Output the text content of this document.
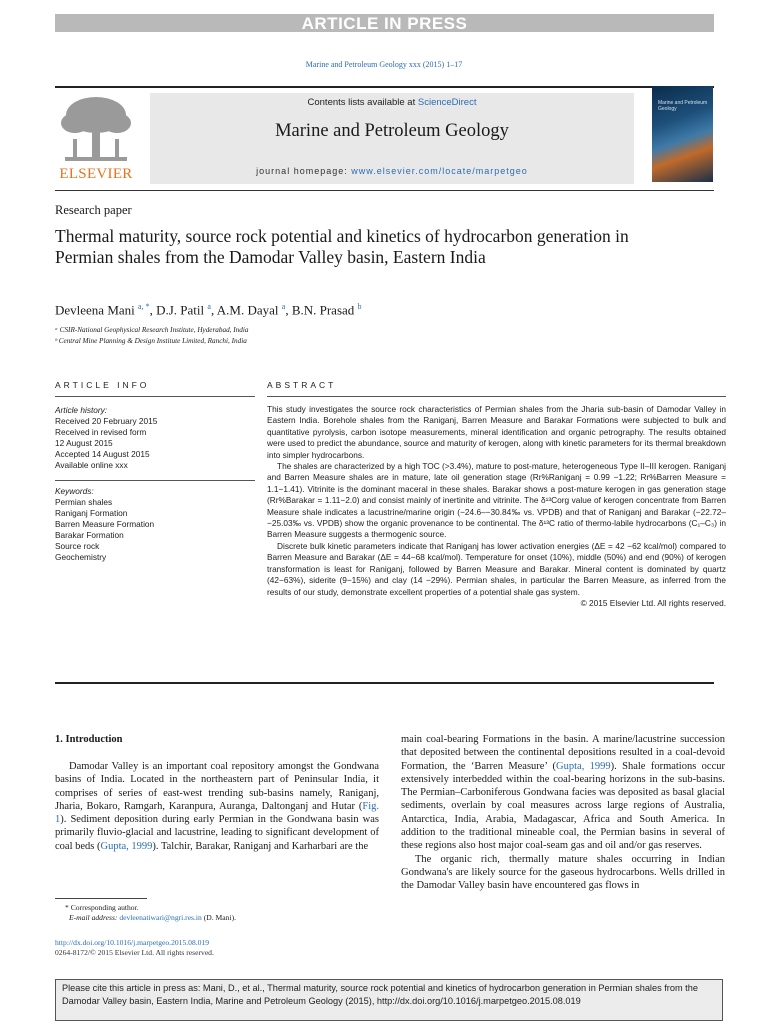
ARTICLE IN PRESS
Marine and Petroleum Geology xxx (2015) 1–17
ELSEVIER
Contents lists available at ScienceDirect
Marine and Petroleum Geology
journal homepage: www.elsevier.com/locate/marpetgeo
Marine and Petroleum Geology
Research paper
Thermal maturity, source rock potential and kinetics of hydrocarbon generation in Permian shales from the Damodar Valley basin, Eastern India
Devleena Mani $^{a, *}$, D.J. Patil $^a$, A.M. Dayal $^a$, B.N. Prasad $^b$
ᵃ CSIR-National Geophysical Research Institute, Hyderabad, India
ᵇ Central Mine Planning & Design Institute Limited, Ranchi, India
ARTICLE INFO
Article history:
Received 20 February 2015
Received in revised form
12 August 2015
Accepted 14 August 2015
Available online xxx
Keywords:
Permian shales
Raniganj Formation
Barren Measure Formation
Barakar Formation
Source rock
Geochemistry
ABSTRACT

This study investigates the source rock characteristics of Permian shales from the Jharia sub-basin of Damodar Valley in Eastern India. Borehole shales from the Raniganj, Barren Measure and Barakar Formations were subjected to bulk and quantitative pyrolysis, carbon isotope measurements, mineral identification and organic petrography. The results obtained were used to predict the abundance, source and maturity of kerogen, along with kinetic parameters for its thermal breakdown into simpler hydrocarbons.

The shales are characterized by a high TOC (>3.4%), mature to post-mature, heterogeneous Type II–III kerogen. Raniganj and Barren Measure shales are in mature, late oil generation stage (Rr%Raniganj = 0.99 −1.22; Rr%Barren Measure = 1.1−1.41). Vitrinite is the dominant maceral in these shales. Barakar shows a post-mature kerogen in gas generation stage (Rr%Barakar = 1.11−2.0) and consist mainly of inertinite and vitrinite. The δ¹³Corg value of kerogen concentrate from Barren Measure shale indicates a lacustrine/marine origin (−24.6–−30.84‰ vs. VPDB) and that of Raniganj and Barakar (−22.72–−25.03‰ vs. VPDB) show the organic provenance to be continental. The δ¹³C ratio of thermo-labile hydrocarbons (C₁–C₃) in Barren Measure suggests a thermogenic source.

Discrete bulk kinetic parameters indicate that Raniganj has lower activation energies (ΔE = 42 −62 kcal/mol) compared to Barren Measure and Barakar (ΔE = 44−68 kcal/mol). Temperature for onset (10%), middle (50%) and end (90%) of kerogen transformation is least for Raniganj, followed by Barren Measure and Barakar. Mineral content is dominated by quartz (42−63%), siderite (9−15%) and clay (14 −29%). Permian shales, in particular the Barren Measure, as inferred from the results of our study, demonstrate excellent properties of a potential shale gas system.

© 2015 Elsevier Ltd. All rights reserved.
1. Introduction

Damodar Valley is an important coal repository amongst the Gondwana basins of India. Located in the northeastern part of Peninsular India, it comprises of series of east-west trending sub-basins namely, Raniganj, Jharia, Bokaro, Ramgarh, Karanpura, Auranga, Daltonganj and Hutar (Fig. 1). Sediment deposition during early Permian in the Gondwana basin was primarily fluvio-glacial and lacustrine, leading to significant development of coal beds (Gupta, 1999). Talchir, Barakar, Raniganj and Karharbari are the

main coal-bearing Formations in the basin. A marine/lacustrine succession that deposited between the continental depositions resulted in a coal-devoid Formation, the ‘Barren Measure’ (Gupta, 1999). Shale formations occur extensively interbedded within the coal-bearing horizons in the sub-basins. The Permian–Carboniferous Gondwana facies was deposited as basal glacial sediments, overlain by coal measures across large regions of Australia, Antarctica, India, Arabia, Madagascar, Africa and South America. In addition to the traditional mineable coal, the Permian basins in several of these regions also host major coal-seam gas and oil and/or gas reserves.

The organic rich, thermally mature shales occurring in Indian Gondwana's are likely source for the gaseous hydrocarbons. Wells drilled in the Damodar Valley basin have encountered gas flows in

* Corresponding author.
E-mail address: devleenatiwari@ngri.res.in (D. Mani).
http://dx.doi.org/10.1016/j.marpetgeo.2015.08.019
0264-8172/© 2015 Elsevier Ltd. All rights reserved.
Please cite this article in press as: Mani, D., et al., Thermal maturity, source rock potential and kinetics of hydrocarbon generation in Permian shales from the Damodar Valley basin, Eastern India, Marine and Petroleum Geology (2015), http://dx.doi.org/10.1016/j.marpetgeo.2015.08.019
